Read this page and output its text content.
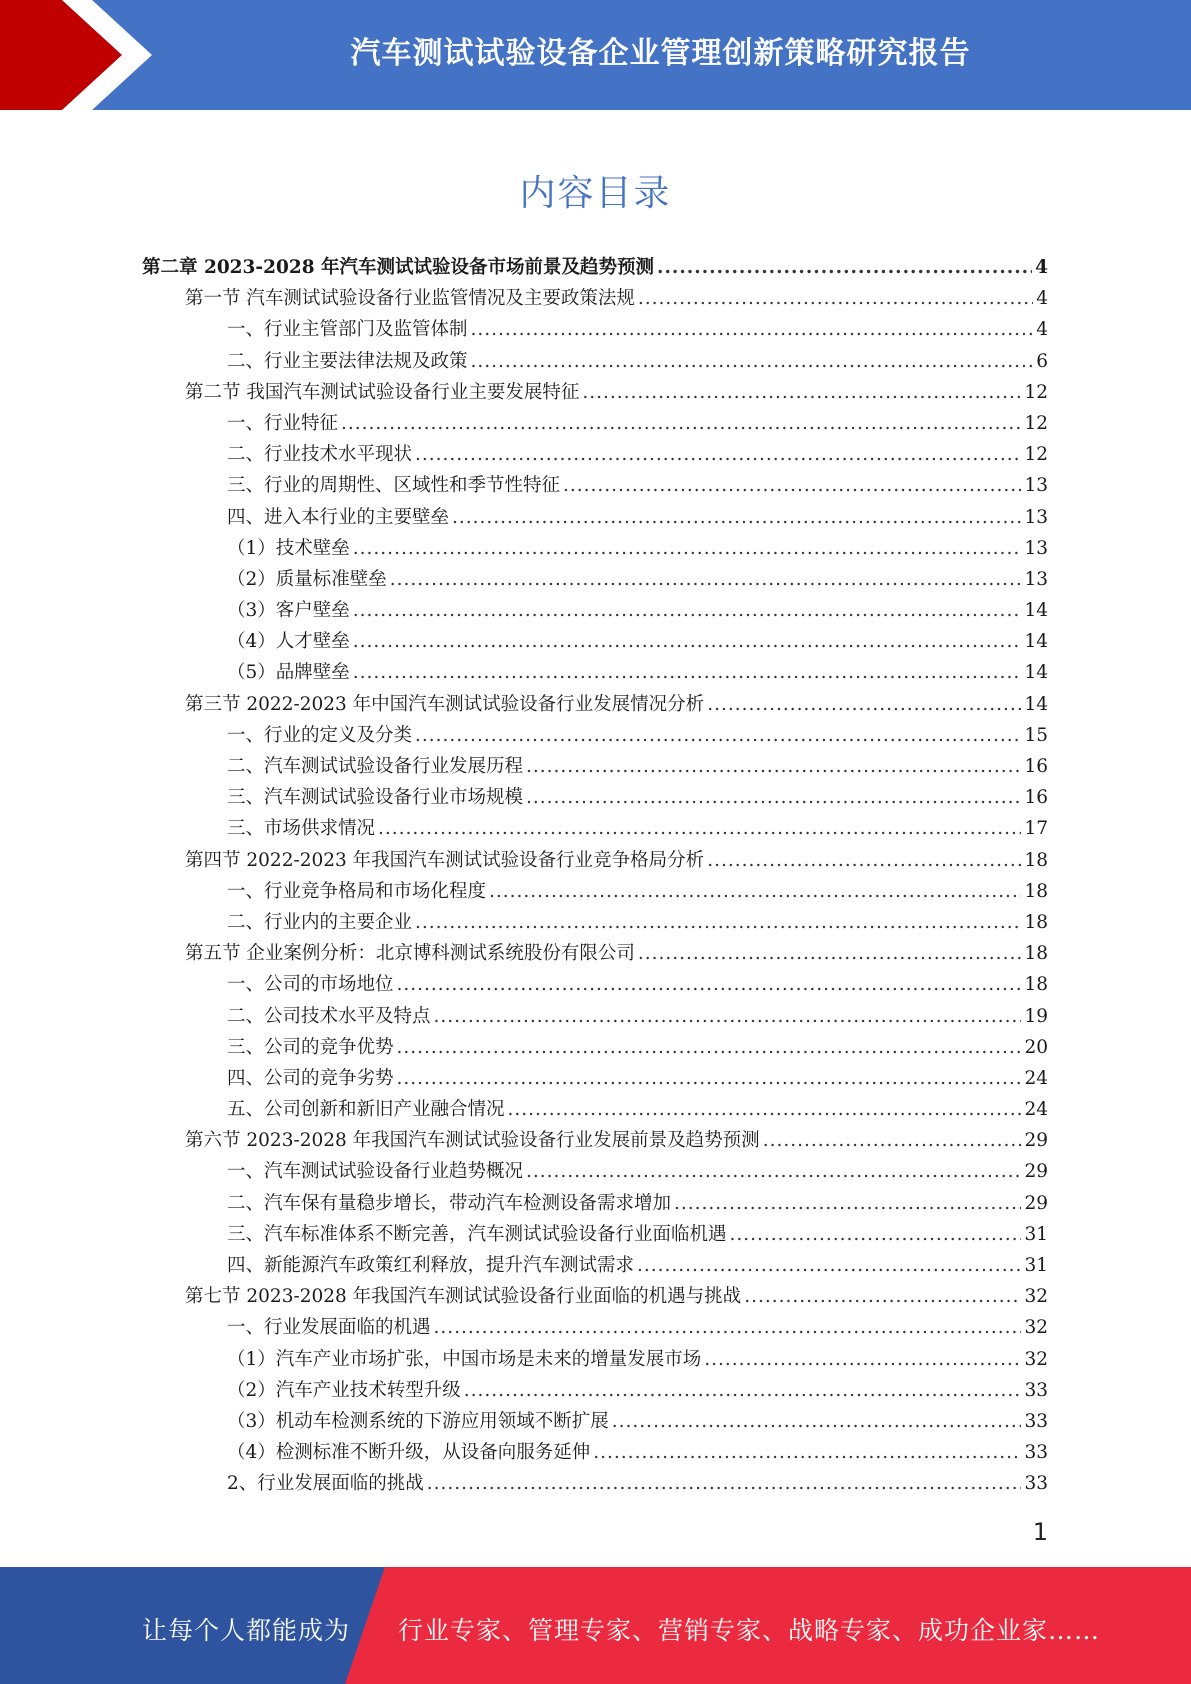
汽车测试试验设备企业管理创新策略研究报告
内容目录
第二章 2023-2028 年汽车测试试验设备市场前景及趋势预测 .....	4
第一节 汽车测试试验设备行业监管情况及主要政策法规 .....	4
一、行业主管部门及监管体制 .....	4
二、行业主要法律法规及政策 .....	6
第二节 我国汽车测试试验设备行业主要发展特征 .....	12
一、行业特征 .....	12
二、行业技术水平现状 .....	12
三、行业的周期性、区域性和季节性特征 .....	13
四、进入本行业的主要壁垒 .....	13
（1）技术壁垒 .....	13
（2）质量标准壁垒 .....	13
（3）客户壁垒 .....	14
（4）人才壁垒 .....	14
（5）品牌壁垒 .....	14
第三节 2022-2023 年中国汽车测试试验设备行业发展情况分析 .....	14
一、行业的定义及分类 .....	15
二、汽车测试试验设备行业发展历程 .....	16
三、汽车测试试验设备行业市场规模 .....	16
三、市场供求情况 .....	17
第四节 2022-2023 年我国汽车测试试验设备行业竞争格局分析 .....	18
一、行业竞争格局和市场化程度 .....	18
二、行业内的主要企业 .....	18
第五节 企业案例分析：北京博科测试系统股份有限公司 .....	18
一、公司的市场地位 .....	18
二、公司技术水平及特点 .....	19
三、公司的竞争优势 .....	20
四、公司的竞争劣势 .....	24
五、公司创新和新旧产业融合情况 .....	24
第六节 2023-2028 年我国汽车测试试验设备行业发展前景及趋势预测 .....	29
一、汽车测试试验设备行业趋势概况 .....	29
二、汽车保有量稳步增长，带动汽车检测设备需求增加 .....	29
三、汽车标准体系不断完善，汽车测试试验设备行业面临机遇 .....	31
四、新能源汽车政策红利释放，提升汽车测试需求 .....	31
第七节 2023-2028 年我国汽车测试试验设备行业面临的机遇与挑战 .....	32
一、行业发展面临的机遇 .....	32
（1）汽车产业市场扩张，中国市场是未来的增量发展市场 .....	32
（2）汽车产业技术转型升级 .....	33
（3）机动车检测系统的下游应用领域不断扩展 .....	33
（4）检测标准不断升级，从设备向服务延伸 .....	33
2、行业发展面临的挑战 .....	33
1
让每个人都能成为 行业专家、管理专家、营销专家、战略专家、成功企业家……
